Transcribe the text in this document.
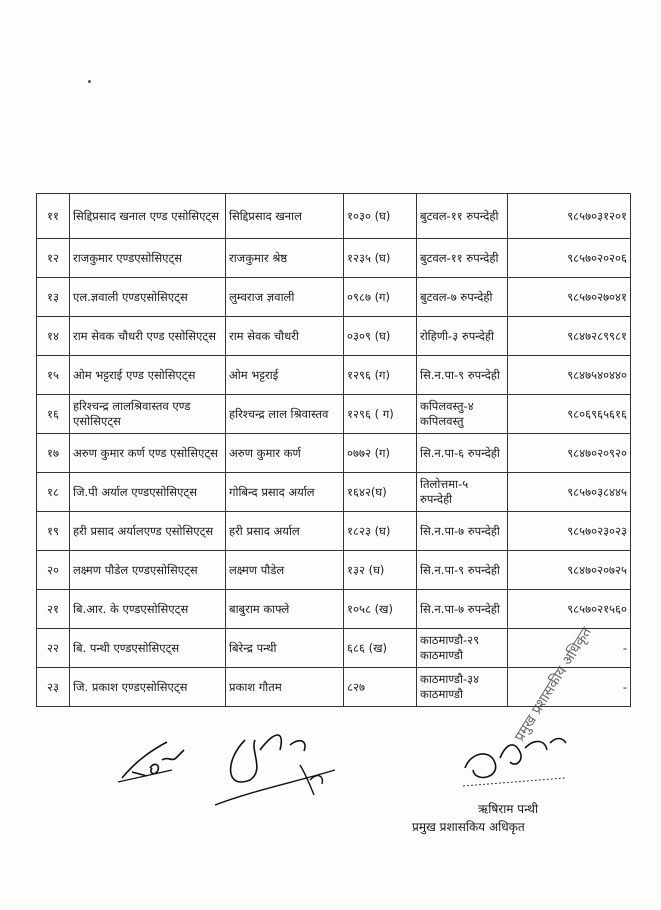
११	सिद्दिप्रसाद खनाल एण्ड एसोसिएट्स	सिद्दिप्रसाद खनाल	१०३० (घ)	बुटवल-११ रुपन्देही	९८५७०३१२०१
१२	राजकुमार एण्डएसोसिएट्स	राजकुमार श्रेष्ठ	१२३५ (घ)	बुटवल-११ रुपन्देही	९८५७०२०२०६
१३	एल.ज्ञवाली एण्डएसोसिएट्स	लुम्वराज ज्ञवाली	०९८७ (ग)	बुटवल-७ रुपन्देही	९८५७०२७०४१
१४	राम सेवक चौधरी एण्ड एसोसिएट्स	राम सेवक चौधरी	०३०९ (घ)	रोहिणी-३ रुपन्देही	९८४७२८९९८१
१५	ओम भट्टराई एण्ड एसोसिएट्स	ओम भट्टराई	१२९६ (ग)	सि.न.पा-९ रुपन्देही	९८४७५४०४४०
१६	हरिश्चन्द्र लालश्रिवास्तव एण्ड एसोसिएट्स	हरिश्चन्द्र लाल श्रिवास्तव	१२९६ ( ग)	कपिलवस्तु-४ कपिलवस्तु	९८०६९६५६१६
१७	अरुण कुमार कर्ण एण्ड एसोसिएट्स	अरुण कुमार कर्ण	०७७२ (ग)	सि.न.पा-६ रुपन्देही	९८४७०२०९२०
१८	जि.पी अर्याल एण्डएसोसिएट्स	गोबिन्द प्रसाद अर्याल	१६४२(घ)	तिलोत्तमा-५ रुपन्देही	९८५७०३८४४५
१९	हरी प्रसाद अर्यालएण्ड एसोसिएट्स	हरी प्रसाद अर्याल	१८२३ (घ)	सि.न.पा-७ रुपन्देही	९८५७०२३०२३
२०	लक्ष्मण पौडेल एण्डएसोसिएट्स	लक्ष्मण पौडेल	१३२ (घ)	सि.न.पा-९ रुपन्देही	९८४७०२०७२५
२१	बि.आर. के एण्डएसोसिएट्स	बाबुराम काफ्ले	१०५८ (ख)	सि.न.पा-७ रुपन्देही	९८५७०२१५६०
२२	बि. पन्थी एण्डएसोसिएट्स	बिरेन्द्र पन्थी	६८६ (ख)	काठमाण्डौ-२९ काठमाण्डौ	-
२३	जि. प्रकाश एण्डएसोसिएट्स	प्रकाश गौतम	८२७	काठमाण्डौ-३४ काठमाण्डौ	-
प्रमुख प्रशासकीय अधिकृत
ऋषिराम पन्थी
प्रमुख प्रशासकिय अधिकृत
